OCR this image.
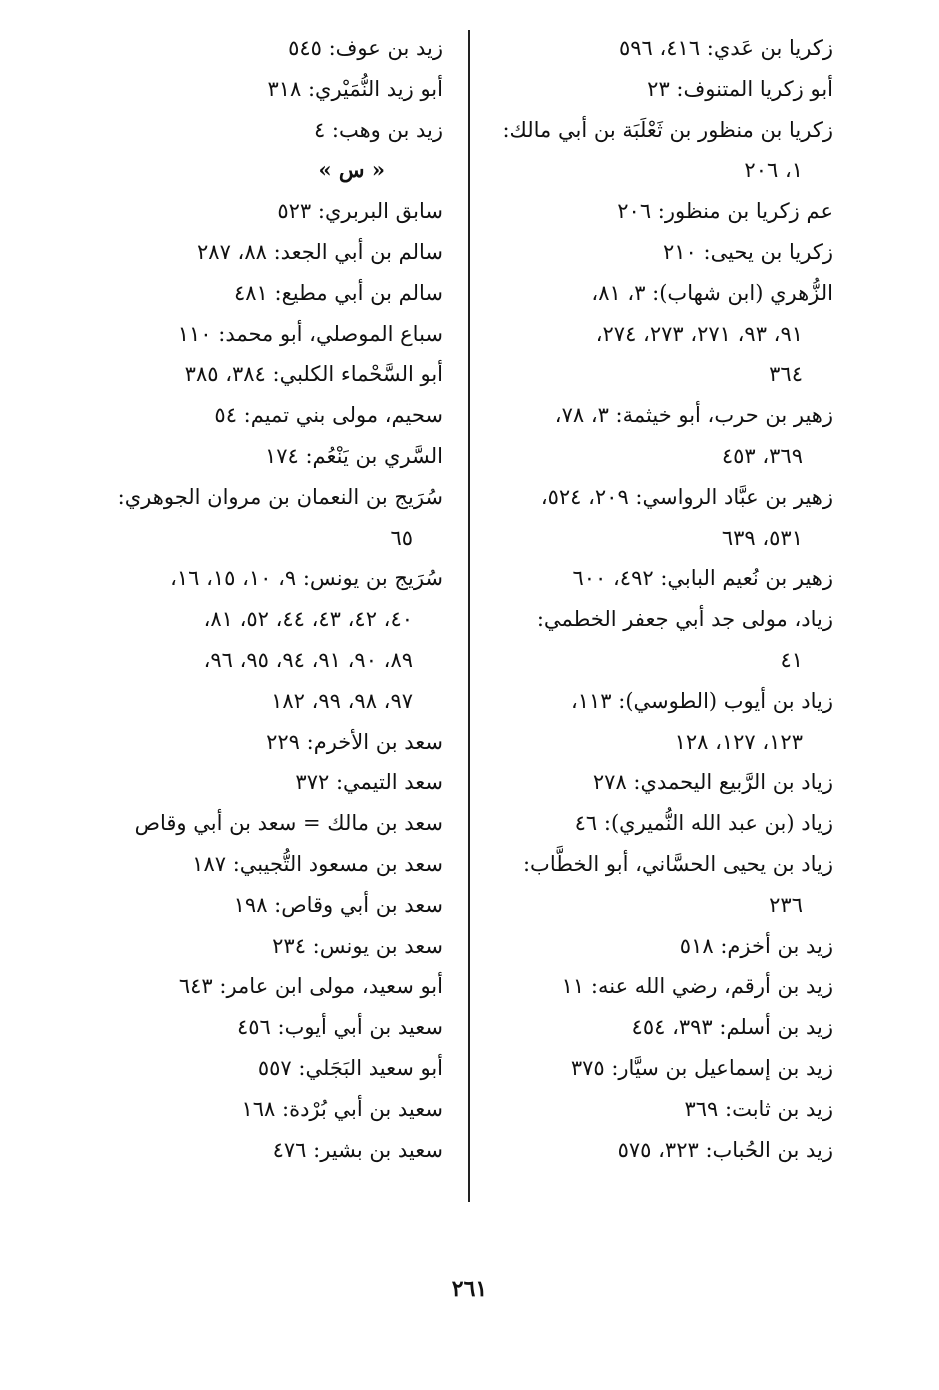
زكريا بن عَدي: ٤١٦، ٥٩٦
أبو زكريا المتنوف: ٢٣
زكريا بن منظور بن ثَعْلَبَة بن أبي مالك:
١، ٢٠٦
عم زكريا بن منظور: ٢٠٦
زكريا بن يحيى: ٢١٠
الزُّهري (ابن شهاب): ٣، ٨١،
٩١، ٩٣، ٢٧١، ٢٧٣، ٢٧٤،
٣٦٤
زهير بن حرب، أبو خيثمة: ٣، ٧٨،
٣٦٩، ٤٥٣
زهير بن عبَّاد الرواسي: ٢٠٩، ٥٢٤،
٥٣١، ٦٣٩
زهير بن نُعيم البابي: ٤٩٢، ٦٠٠
زياد، مولى جد أبي جعفر الخطمي:
٤١
زياد بن أيوب (الطوسي): ١١٣،
١٢٣، ١٢٧، ١٢٨
زياد بن الرَّبيع اليحمدي: ٢٧٨
زياد (بن عبد الله النُّميري): ٤٦
زياد بن يحيى الحسَّاني، أبو الخطَّاب:
٢٣٦
زيد بن أخزم: ٥١٨
زيد بن أرقم، رضي الله عنه: ١١
زيد بن أسلم: ٣٩٣، ٤٥٤
زيد بن إسماعيل بن سيَّار: ٣٧٥
زيد بن ثابت: ٣٦٩
زيد بن الحُباب: ٣٢٣، ٥٧٥
زيد بن عوف: ٥٤٥
أبو زيد النُّمَيْري: ٣١٨
زيد بن وهب: ٤
« س »
سابق البربري: ٥٢٣
سالم بن أبي الجعد: ٨٨، ٢٨٧
سالم بن أبي مطيع: ٤٨١
سباع الموصلي، أبو محمد: ١١٠
أبو السَّحْماء الكلبي: ٣٨٤، ٣٨٥
سحيم، مولى بني تميم: ٥٤
السَّري بن يَنْعُم: ١٧٤
سُرَيج بن النعمان بن مروان الجوهري:
٦٥
سُرَيج بن يونس: ٩، ١٠، ١٥، ١٦،
٤٠، ٤٢، ٤٣، ٤٤، ٥٢، ٨١،
٨٩، ٩٠، ٩١، ٩٤، ٩٥، ٩٦،
٩٧، ٩٨، ٩٩، ١٨٢
سعد بن الأخرم: ٢٢٩
سعد التيمي: ٣٧٢
سعد بن مالك = سعد بن أبي وقاص
سعد بن مسعود التُّجيبي: ١٨٧
سعد بن أبي وقاص: ١٩٨
سعد بن يونس: ٢٣٤
أبو سعيد، مولى ابن عامر: ٦٤٣
سعيد بن أبي أيوب: ٤٥٦
أبو سعيد البَجَلي: ٥٥٧
سعيد بن أبي بُرْدة: ١٦٨
سعيد بن بشير: ٤٧٦
٢٦١
